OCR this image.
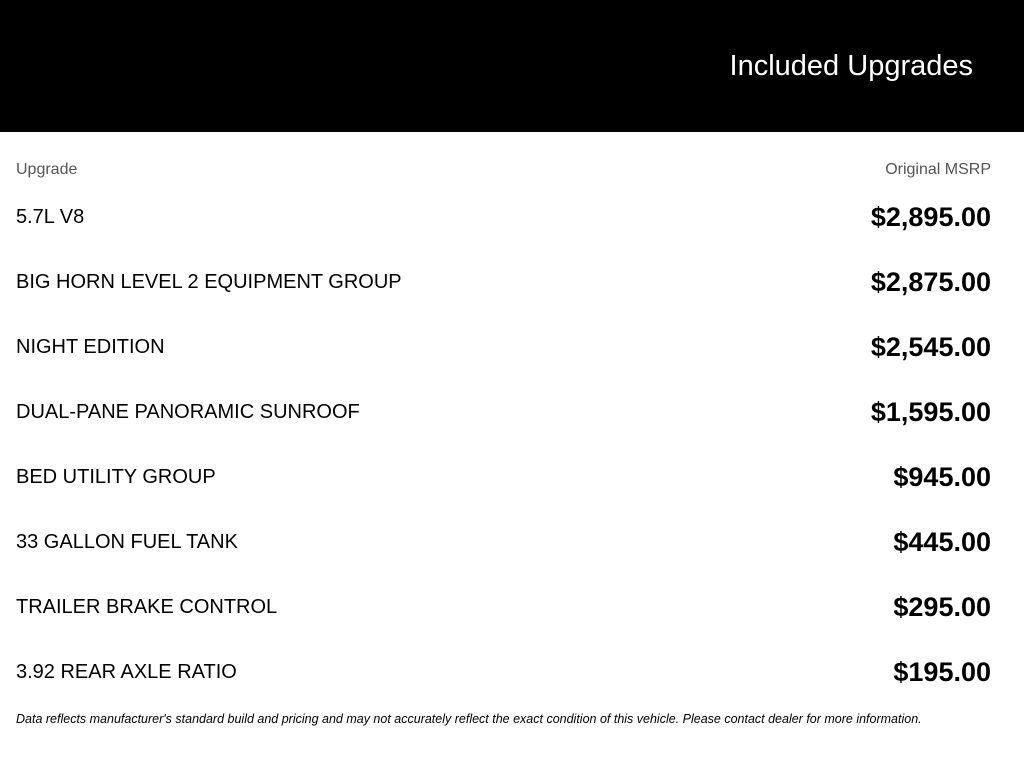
Included Upgrades
Upgrade	Original MSRP
5.7L V8	$2,895.00
BIG HORN LEVEL 2 EQUIPMENT GROUP	$2,875.00
NIGHT EDITION	$2,545.00
DUAL-PANE PANORAMIC SUNROOF	$1,595.00
BED UTILITY GROUP	$945.00
33 GALLON FUEL TANK	$445.00
TRAILER BRAKE CONTROL	$295.00
3.92 REAR AXLE RATIO	$195.00
Data reflects manufacturer's standard build and pricing and may not accurately reflect the exact condition of this vehicle. Please contact dealer for more information.
